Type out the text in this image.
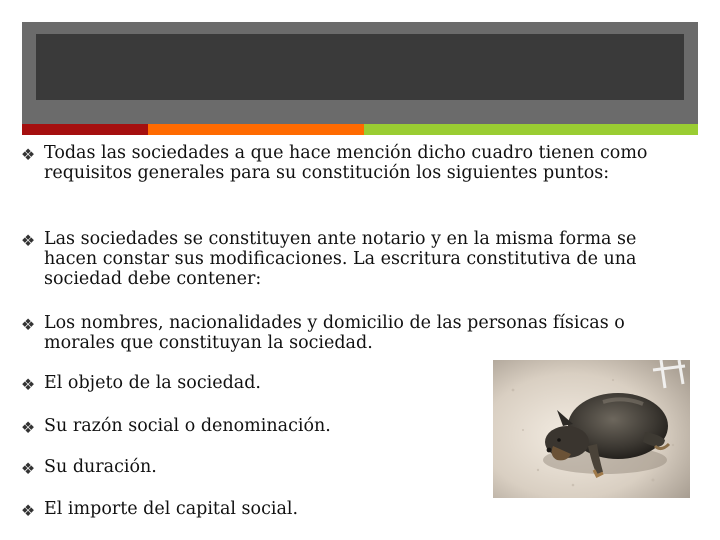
❖ Todas las sociedades a que hace mención dicho cuadro tienen como requisitos generales para su constitución los siguientes puntos:
❖ Las sociedades se constituyen ante notario y en la misma forma se hacen constar sus modificaciones. La escritura constitutiva de una sociedad debe contener:
❖ Los nombres, nacionalidades y domicilio de las personas físicas o morales que constituyan la sociedad.
❖ El objeto de la sociedad.
❖ Su razón social o denominación.
❖ Su duración.
❖ El importe del capital social.
